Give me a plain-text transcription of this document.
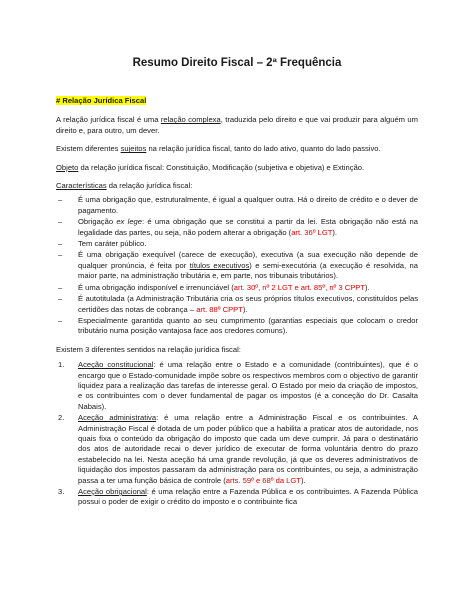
Resumo Direito Fiscal – 2ª Frequência
# Relação Jurídica Fiscal

A relação jurídica fiscal é uma relação complexa, traduzida pelo direito e que vai produzir para alguém um direito e, para outro, um dever.

Existem diferentes sujeitos na relação jurídica fiscal, tanto do lado ativo, quanto do lado passivo.

Objeto da relação jurídica fiscal: Constituição, Modificação (subjetiva e objetiva) e Extinção.

Características da relação jurídica fiscal:

– É uma obrigação que, estruturalmente, é igual a qualquer outra. Há o direito de crédito e o dever de pagamento.
– Obrigação ex lege: é uma obrigação que se constitui a partir da lei. Esta obrigação não está na legalidade das partes, ou seja, não podem alterar a obrigação (art. 36º LGT).
– Tem caráter público.
– É uma obrigação exequível (carece de execução), executiva (a sua execução não depende de qualquer pronúncia, é feita por títulos executivos) e semi-executória (a execução é resolvida, na maior parte, na administração tributária e, em parte, nos tribunais tributários).
– É uma obrigação indisponível e irrenunciável (art. 30º, nº 2 LGT e art. 85º, nº 3 CPPT).
– É autotitulada (a Administração Tributária cria os seus próprios títulos executivos, constituídos pelas certidões das notas de cobrança – art. 88º CPPT).
– Especialmente garantida quanto ao seu cumprimento (garantias especiais que colocam o credor tributário numa posição vantajosa face aos credores comuns).

Existem 3 diferentes sentidos na relação jurídica fiscal:

1. Aceção constitucional: é uma relação entre o Estado e a comunidade (contribuintes), que é o encargo que o Estado-comunidade impõe sobre os respectivos membros com o objectivo de garantir liquidez para a realização das tarefas de interesse geral. O Estado por meio da criação de impostos, e os contribuintes com o dever fundamental de pagar os impostos (é a conceção do Dr. Casalta Nabais).
2. Aceção administrativa: é uma relação entre a Administração Fiscal e os contribuintes. A Administração Fiscal é dotada de um poder público que a habilita a praticar atos de autoridade, nos quais fixa o conteúdo da obrigação do imposto que cada um deve cumprir. Já para o destinatário dos atos de autoridade recai o dever jurídico de executar de forma voluntária dentro do prazo estabelecido na lei. Nesta aceção há uma grande revolução, já que os deveres administrativos de liquidação dos impostos passaram da administração para os contribuintes, ou seja, a administração passa a ter uma função básica de controle (arts. 59º e 68º da LGT).
3. Aceção obrigacional: é uma relação entre a Fazenda Pública e os contribuintes. A Fazenda Pública possui o poder de exigir o crédito do imposto e o contribuinte fica
